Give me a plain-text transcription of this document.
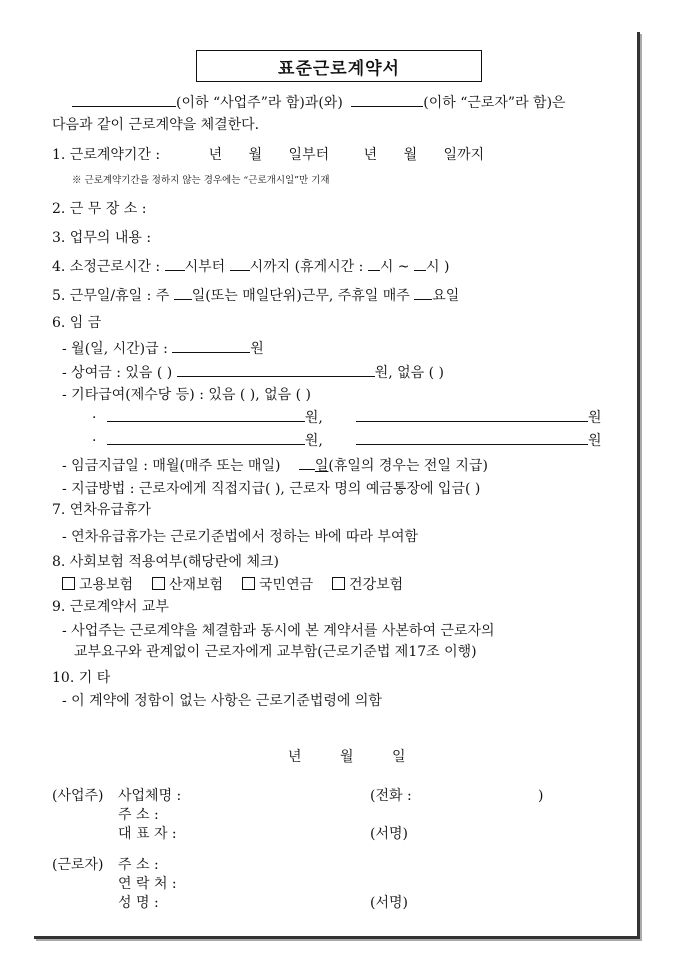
표준근로계약서
(이하 “사업주”라 함)과(와)	(이하 “근로자”라 함)은
다음과 같이 근로계약을 체결한다.
1. 근로계약기간 :	년 월 일부터 년 월 일까지
※ 근로계약기간을 정하지 않는 경우에는 “근로개시일”만 기재
2. 근 무 장 소 :
3. 업무의 내용 :
4. 소정근로시간 : 시부터 시까지 (휴게시간 : 시 ~ 시 )
5. 근무일/휴일 : 주 일(또는 매일단위)근무, 주휴일 매주 요일
6. 임 금
- 월(일, 시간)급 :	원
- 상여금 : 있음 ( )	원, 없음 ( )
- 기타급여(제수당 등) : 있음 ( ), 없음 ( )
·	원,	원
·	원,	원
- 임금지급일 : 매월(매주 또는 매일) 일(휴일의 경우는 전일 지급)
- 지급방법 : 근로자에게 직접지급( ), 근로자 명의 예금통장에 입금( )
7. 연차유급휴가
- 연차유급휴가는 근로기준법에서 정하는 바에 따라 부여함
8. 사회보험 적용여부(해당란에 체크)
고용보험	산재보험	국민연금	건강보험
9. 근로계약서 교부
- 사업주는 근로계약을 체결함과 동시에 본 계약서를 사본하여 근로자의
교부요구와 관계없이 근로자에게 교부함(근로기준법 제17조 이행)
10. 기 타
- 이 계약에 정함이 없는 사항은 근로기준법령에 의함
년	월	일
(사업주) 사업체명 :	(전화 :	)
주 소 :
대 표 자 :	(서명)
(근로자) 주 소 :
연 락 처 :
성 명 :	(서명)
